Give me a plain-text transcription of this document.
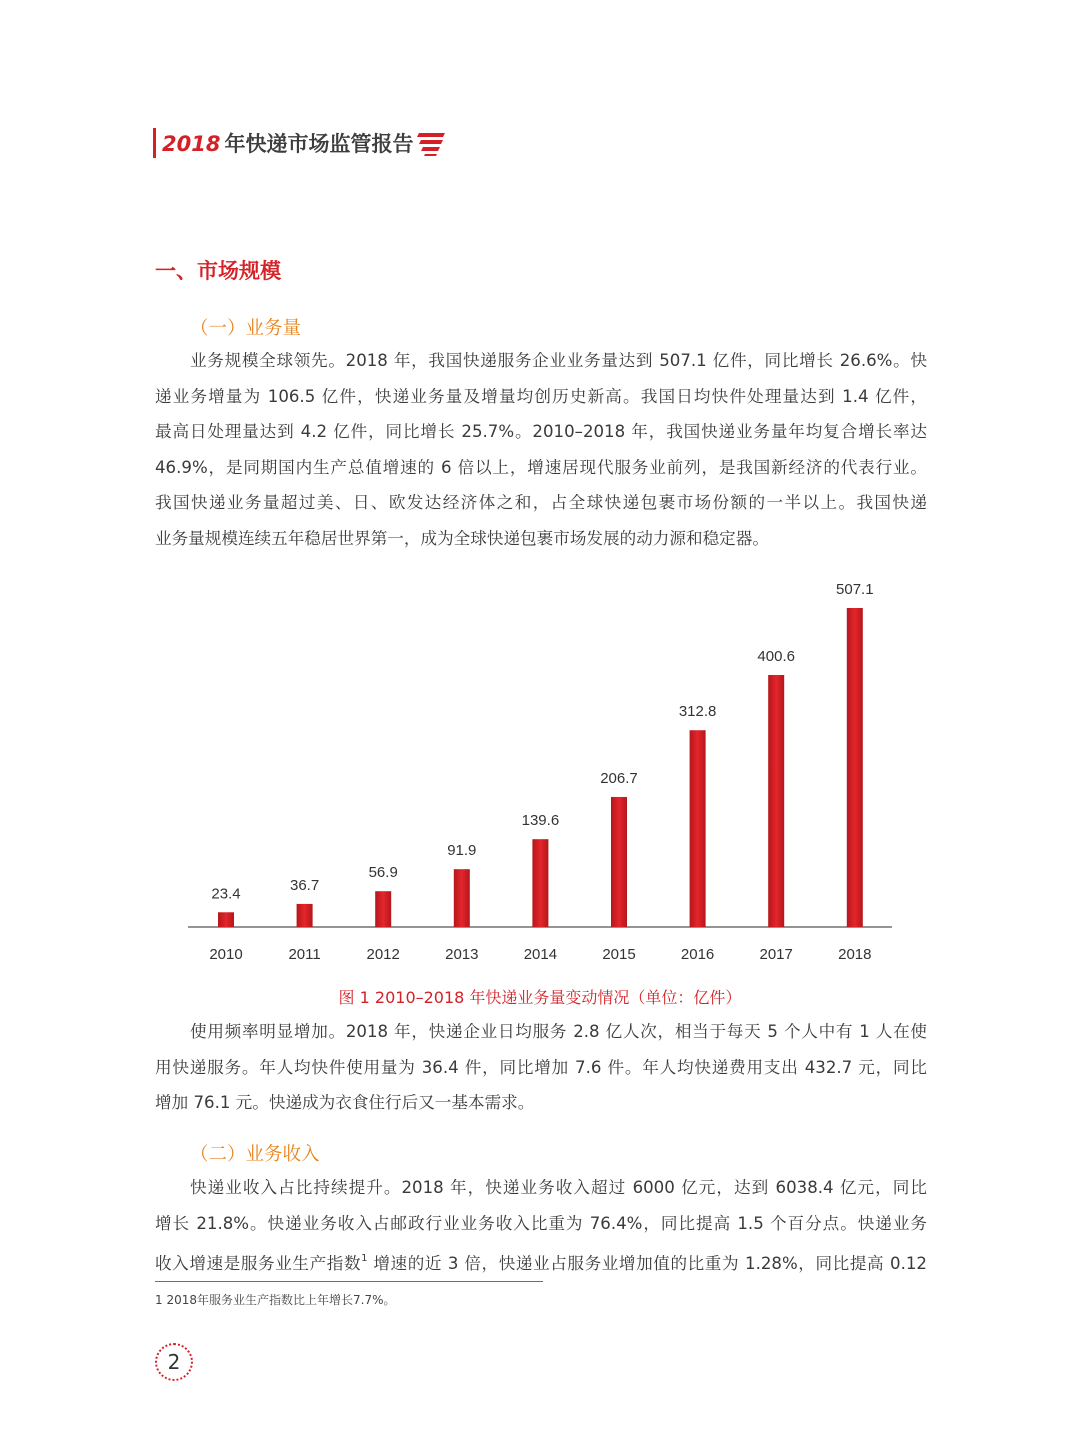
2018 年快递市场监管报告
一、市场规模
（一）业务量

业务规模全球领先。2018 年，我国快递服务企业业务量达到 507.1 亿件，同比增长 26.6%。快

递业务增量为 106.5 亿件，快递业务量及增量均创历史新高。我国日均快件处理量达到 1.4 亿件，

最高日处理量达到 4.2 亿件，同比增长 25.7%。2010–2018 年，我国快递业务量年均复合增长率达

46.9%，是同期国内生产总值增速的 6 倍以上，增速居现代服务业前列，是我国新经济的代表行业。

我国快递业务量超过美、日、欧发达经济体之和，占全球快递包裹市场份额的一半以上。我国快递

业务量规模连续五年稳居世界第一，成为全球快递包裹市场发展的动力源和稳定器。

23.4
2010
36.7
2011
56.9
2012
91.9
2013
139.6
2014
206.7
2015
312.8
2016
400.6
2017
507.1
2018
图 1 2010–2018 年快递业务量变动情况（单位：亿件）

使用频率明显增加。2018 年，快递企业日均服务 2.8 亿人次，相当于每天 5 个人中有 1 人在使

用快递服务。年人均快件使用量为 36.4 件，同比增加 7.6 件。年人均快递费用支出 432.7 元，同比

增加 76.1 元。快递成为衣食住行后又一基本需求。

（二）业务收入

快递业收入占比持续提升。2018 年，快递业务收入超过 6000 亿元，达到 6038.4 亿元，同比

增长 21.8%。快递业务收入占邮政行业业务收入比重为 76.4%，同比提高 1.5 个百分点。快递业务

收入增速是服务业生产指数$^1$ 增速的近 3 倍，快递业占服务业增加值的比重为 1.28%，同比提高 0.12

1 2018年服务业生产指数比上年增长7.7%。
2
